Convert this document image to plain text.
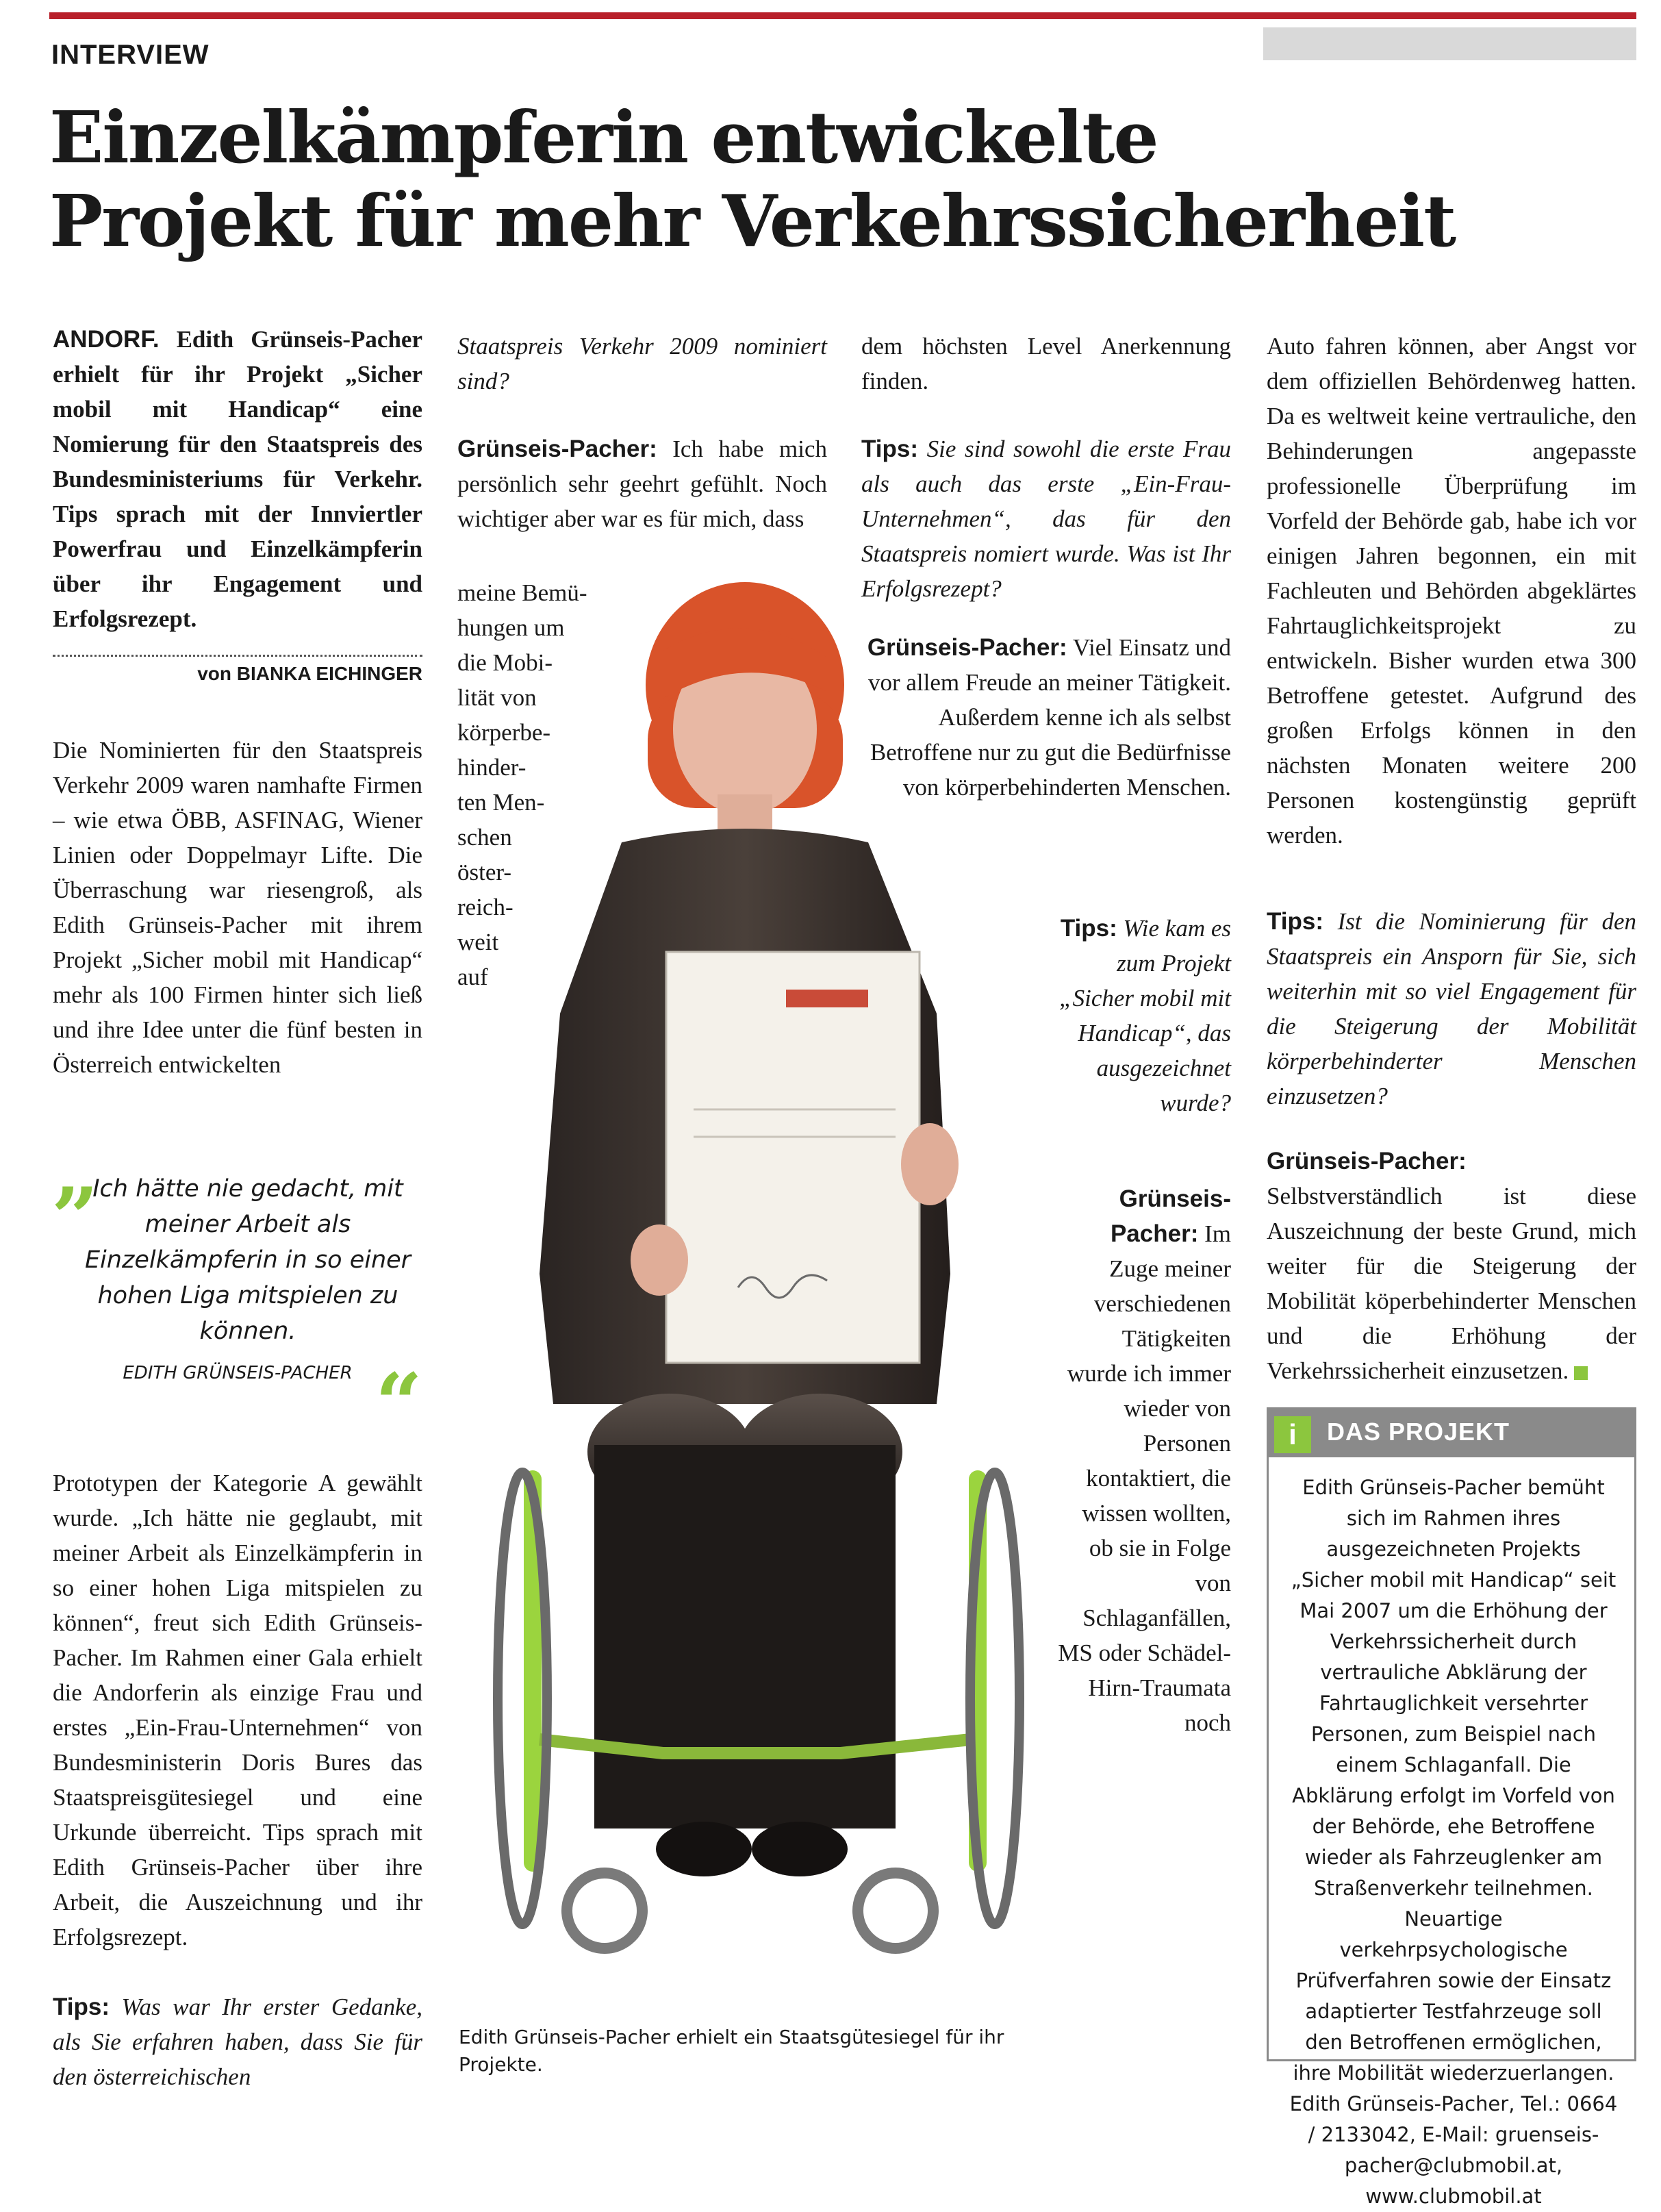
INTERVIEW
Einzelkämpferin entwickelte
Projekt für mehr Verkehrssicherheit
ANDORF. Edith Grünseis-Pacher erhielt für ihr Projekt „Sicher mobil mit Handicap“ eine Nomierung für den Staatspreis des Bundesministeriums für Verkehr. Tips sprach mit der Innviertler Powerfrau und Einzelkämpferin über ihr Engagement und Erfolgsrezept.
von BIANKA EICHINGER
Die Nominierten für den Staatspreis Verkehr 2009 waren namhafte Firmen – wie etwa ÖBB, ASFINAG, Wiener Linien oder Doppelmayr Lifte. Die Überraschung war riesengroß, als Edith Grünseis-Pacher mit ihrem Projekt „Sicher mobil mit Handicap“ mehr als 100 Firmen hinter sich ließ und ihre Idee unter die fünf besten in Österreich entwickelten
„
Ich hätte nie gedacht, mit meiner Arbeit als Einzelkämpferin in so einer hohen Liga mitspielen zu können.
EDITH GRÜNSEIS-PACHER “
Prototypen der Kategorie A gewählt wurde. „Ich hätte nie geglaubt, mit meiner Arbeit als Einzelkämpferin in so einer hohen Liga mitspielen zu können“, freut sich Edith Grünseis-Pacher. Im Rahmen einer Gala erhielt die Andorferin als einzige Frau und erstes „Ein-Frau-Unternehmen“ von Bundesministerin Doris Bures das Staatspreisgütesiegel und eine Urkunde überreicht. Tips sprach mit Edith Grünseis-Pacher über ihre Arbeit, die Auszeichnung und ihr Erfolgsrezept.
Tips: Was war Ihr erster Gedanke, als Sie erfahren haben, dass Sie für den österreichischen
Staatspreis Verkehr 2009 nominiert sind?
Grünseis-Pacher: Ich habe mich persönlich sehr geehrt gefühlt. Noch wichtiger aber war es für mich, dass
meine Bemü-
hungen um
die Mobi-
lität von
körperbe-
hinder-
ten Men-
schen
öster-
reich-
weit
auf
dem höchsten Level Anerkennung finden.
Tips: Sie sind sowohl die erste Frau als auch das erste „Ein-Frau-Unternehmen“, das für den Staatspreis nomiert wurde. Was ist Ihr Erfolgsrezept?
Grünseis-Pacher: Viel Einsatz und vor allem Freude an meiner Tätigkeit. Außerdem kenne ich als selbst Betroffene nur zu gut die Bedürfnisse von körperbehinderten Menschen.
Tips: Wie kam es zum Projekt „Sicher mobil mit Handicap“, das ausgezeichnet wurde?
Grünseis-Pacher: Im Zuge meiner verschiedenen Tätigkeiten wurde ich immer wieder von Personen kontaktiert, die wissen wollten, ob sie in Folge von Schlaganfällen, MS oder Schädel-Hirn-Traumata noch
Edith Grünseis-Pacher erhielt ein Staatsgütesiegel für ihr Projekte.
Auto fahren können, aber Angst vor dem offiziellen Behördenweg hatten. Da es weltweit keine vertrauliche, den Behinderungen angepasste professionelle Überprüfung im Vorfeld der Behörde gab, habe ich vor einigen Jahren begonnen, ein mit Fachleuten und Behörden abgeklärtes Fahrtauglichkeitsprojekt zu entwickeln. Bisher wurden etwa 300 Betroffene getestet. Aufgrund des großen Erfolgs können in den nächsten Monaten weitere 200 Personen kostengünstig geprüft werden.
Tips: Ist die Nominierung für den Staatspreis ein Ansporn für Sie, sich weiterhin mit so viel Engagement für die Steigerung der Mobilität körperbehinderter Menschen einzusetzen?
Grünseis-Pacher: Selbstverständlich ist diese Auszeichnung der beste Grund, mich weiter für die Steigerung der Mobilität köperbehinderter Menschen und die Erhöhung der Verkehrssicherheit einzusetzen.
i	DAS PROJEKT
Edith Grünseis-Pacher bemüht sich im Rahmen ihres ausgezeichneten Projekts „Sicher mobil mit Handicap“ seit Mai 2007 um die Erhöhung der Verkehrssicherheit durch vertrauliche Abklärung der Fahrtauglichkeit versehrter Personen, zum Beispiel nach einem Schlaganfall. Die Abklärung erfolgt im Vorfeld von der Behörde, ehe Betroffene wieder als Fahrzeuglenker am Straßenverkehr teilnehmen. Neuartige verkehrpsychologische Prüfverfahren sowie der Einsatz adaptierter Testfahrzeuge soll den Betroffenen ermöglichen, ihre Mobilität wiederzuerlangen. Edith Grünseis-Pacher, Tel.: 0664 / 2133042, E-Mail: gruenseis-pacher@clubmobil.at, www.clubmobil.at
